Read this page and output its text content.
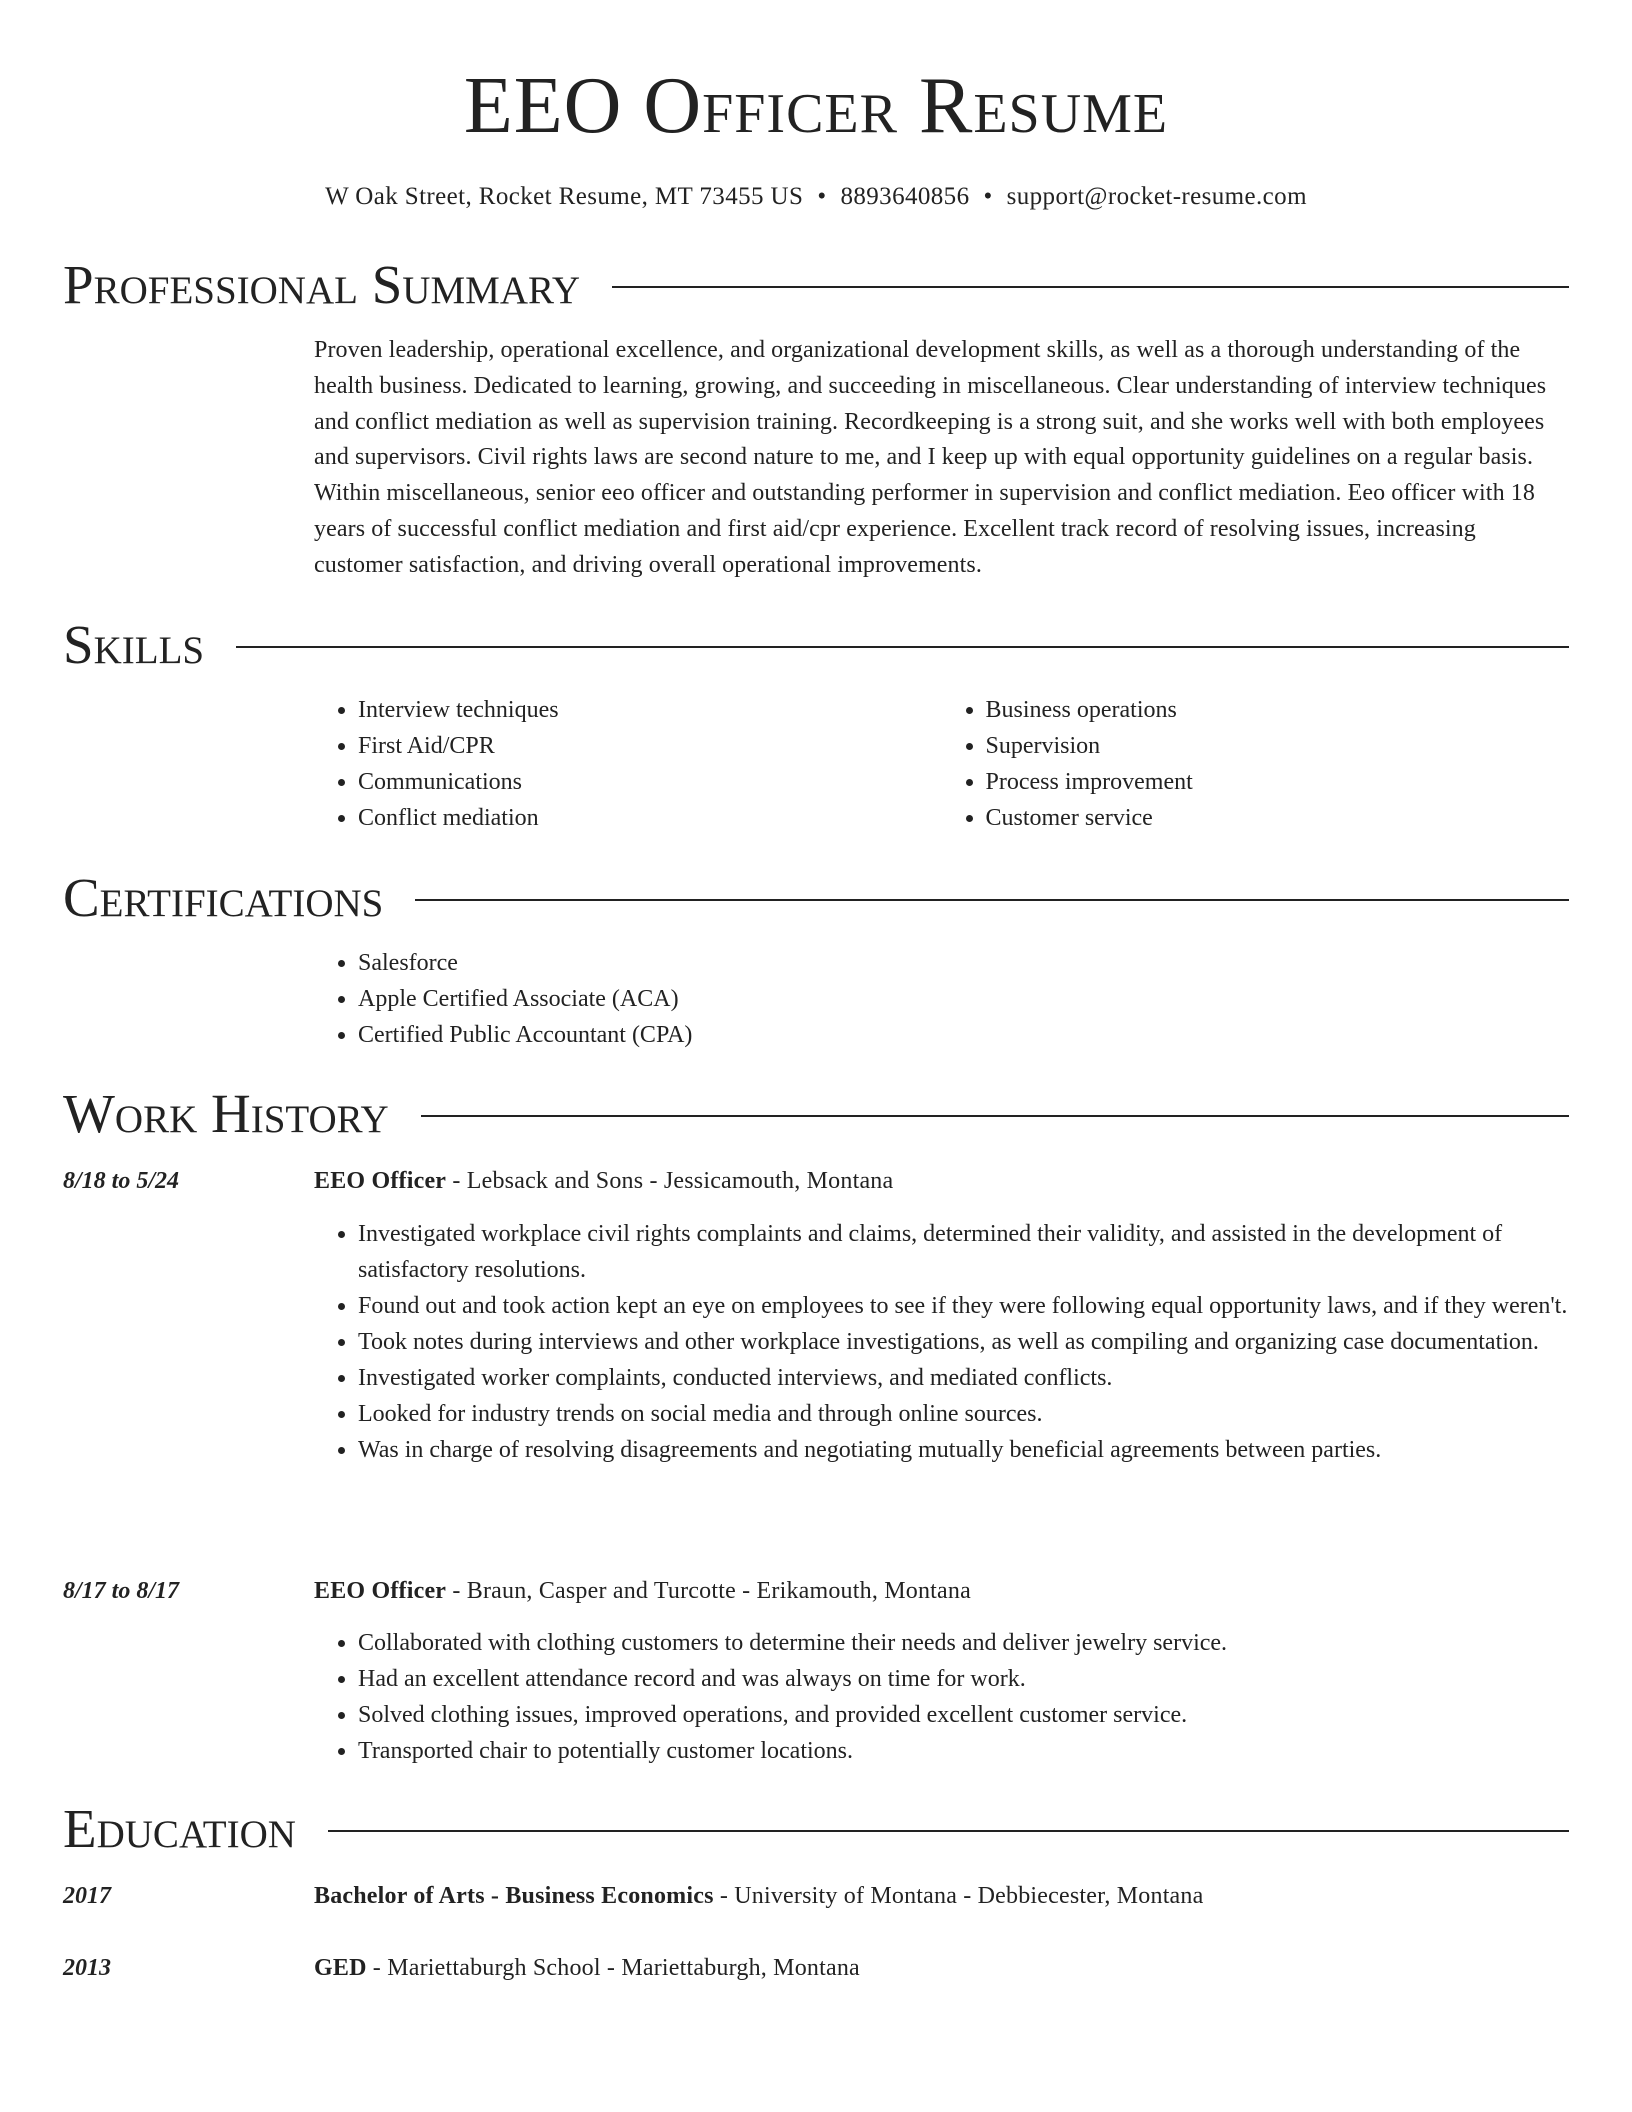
EEO Officer Resume
W Oak Street, Rocket Resume, MT 73455 US • 8893640856 • support@rocket-resume.com
Professional Summary
Proven leadership, operational excellence, and organizational development skills, as well as a thorough understanding of the health business. Dedicated to learning, growing, and succeeding in miscellaneous. Clear understanding of interview techniques and conflict mediation as well as supervision training. Recordkeeping is a strong suit, and she works well with both employees and supervisors. Civil rights laws are second nature to me, and I keep up with equal opportunity guidelines on a regular basis. Within miscellaneous, senior eeo officer and outstanding performer in supervision and conflict mediation. Eeo officer with 18 years of successful conflict mediation and first aid/cpr experience. Excellent track record of resolving issues, increasing customer satisfaction, and driving overall operational improvements.
Skills
• Interview techniques
• First Aid/CPR
• Communications
• Conflict mediation
• Business operations
• Supervision
• Process improvement
• Customer service
Certifications
• Salesforce
• Apple Certified Associate (ACA)
• Certified Public Accountant (CPA)
Work History
8/18 to 5/24	EEO Officer - Lebsack and Sons - Jessicamouth, Montana
• Investigated workplace civil rights complaints and claims, determined their validity, and assisted in the development of satisfactory resolutions.
• Found out and took action kept an eye on employees to see if they were following equal opportunity laws, and if they weren't.
• Took notes during interviews and other workplace investigations, as well as compiling and organizing case documentation.
• Investigated worker complaints, conducted interviews, and mediated conflicts.
• Looked for industry trends on social media and through online sources.
• Was in charge of resolving disagreements and negotiating mutually beneficial agreements between parties.
8/17 to 8/17	EEO Officer - Braun, Casper and Turcotte - Erikamouth, Montana
• Collaborated with clothing customers to determine their needs and deliver jewelry service.
• Had an excellent attendance record and was always on time for work.
• Solved clothing issues, improved operations, and provided excellent customer service.
• Transported chair to potentially customer locations.
Education
2017	Bachelor of Arts - Business Economics - University of Montana - Debbiecester, Montana
2013	GED - Mariettaburgh School - Mariettaburgh, Montana
